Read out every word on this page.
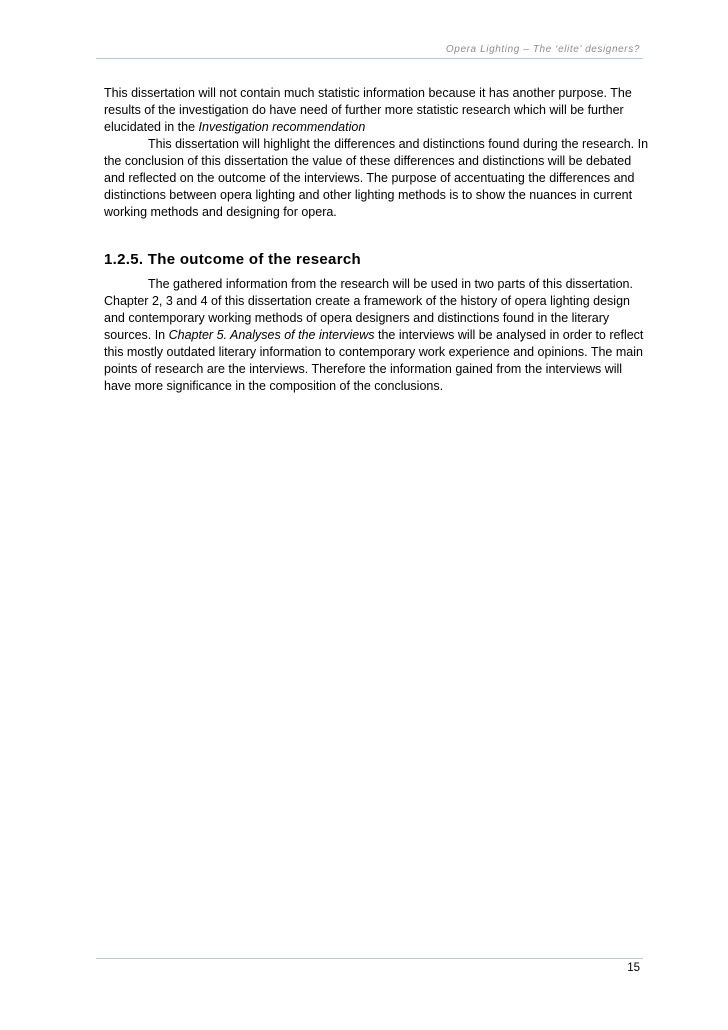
Opera Lighting – The ‘elite’ designers?

This dissertation will not contain much statistic information because it has another purpose. The results of the investigation do have need of further more statistic research which will be further elucidated in the Investigation recommendation

This dissertation will highlight the differences and distinctions found during the research. In the conclusion of this dissertation the value of these differences and distinctions will be debated and reflected on the outcome of the interviews. The purpose of accentuating the differences and distinctions between opera lighting and other lighting methods is to show the nuances in current working methods and designing for opera.

1.2.5. The outcome of the research

The gathered information from the research will be used in two parts of this dissertation. Chapter 2, 3 and 4 of this dissertation create a framework of the history of opera lighting design and contemporary working methods of opera designers and distinctions found in the literary sources. In Chapter 5. Analyses of the interviews the interviews will be analysed in order to reflect this mostly outdated literary information to contemporary work experience and opinions. The main points of research are the interviews. Therefore the information gained from the interviews will have more significance in the composition of the conclusions.

15
